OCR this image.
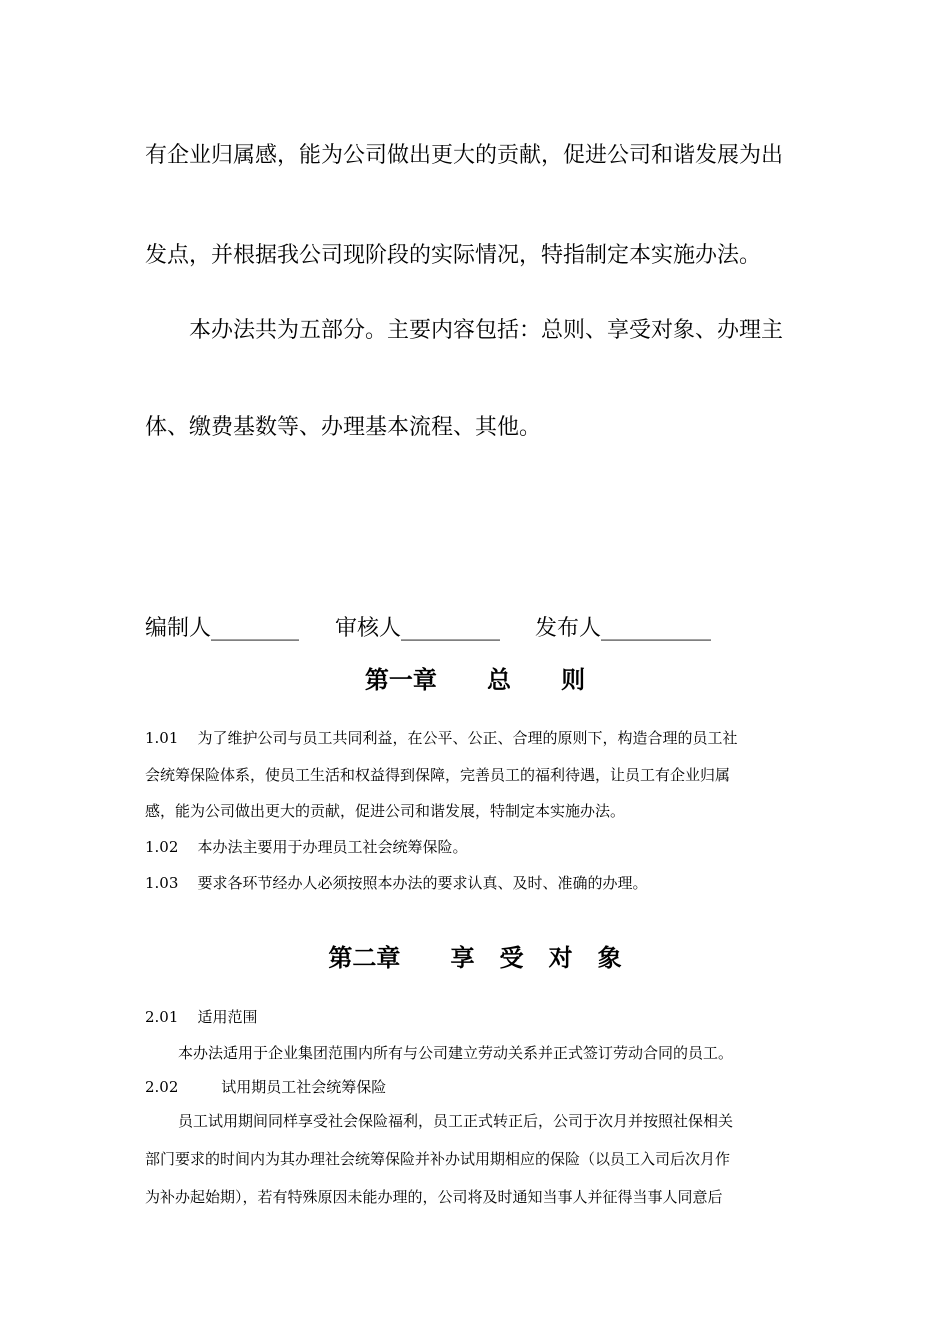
有企业归属感，能为公司做出更大的贡献，促进公司和谐发展为出
发点，并根据我公司现阶段的实际情况，特指制定本实施办法。
本办法共为五部分。主要内容包括：总则、享受对象、办理主
体、缴费基数等、办理基本流程、其他。
编制人________ 审核人_________ 发布人__________
第一章      总      则
1.01    为了维护公司与员工共同利益，在公平、公正、合理的原则下，构造合理的员工社
会统筹保险体系，使员工生活和权益得到保障，完善员工的福利待遇，让员工有企业归属
感，能为公司做出更大的贡献，促进公司和谐发展，特制定本实施办法。
1.02    本办法主要用于办理员工社会统筹保险。
1.03    要求各环节经办人必须按照本办法的要求认真、及时、准确的办理。
第二章      享   受   对   象
2.01    适用范围
本办法适用于企业集团范围内所有与公司建立劳动关系并正式签订劳动合同的员工。
2.02         试用期员工社会统筹保险
员工试用期间同样享受社会保险福利，员工正式转正后，公司于次月并按照社保相关
部门要求的时间内为其办理社会统筹保险并补办试用期相应的保险（以员工入司后次月作
为补办起始期），若有特殊原因未能办理的，公司将及时通知当事人并征得当事人同意后
